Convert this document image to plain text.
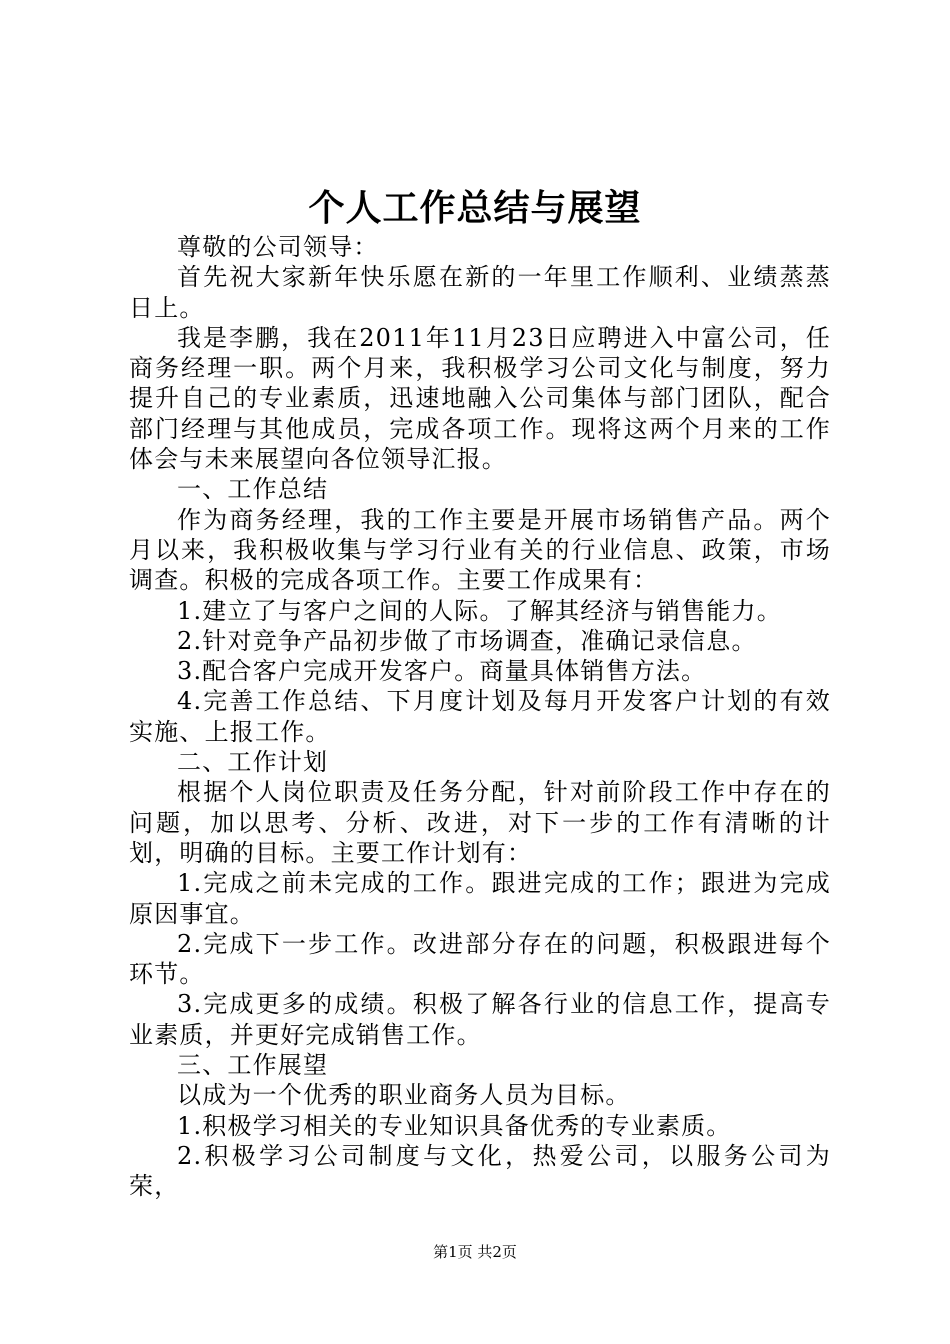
个人工作总结与展望

尊敬的公司领导：

首先祝大家新年快乐愿在新的一年里工作顺利、业绩蒸蒸日上。

我是李鹏，我在2011年11月23日应聘进入中富公司，任商务经理一职。两个月来，我积极学习公司文化与制度，努力提升自己的专业素质，迅速地融入公司集体与部门团队，配合部门经理与其他成员，完成各项工作。现将这两个月来的工作体会与未来展望向各位领导汇报。

一、工作总结

作为商务经理，我的工作主要是开展市场销售产品。两个月以来，我积极收集与学习行业有关的行业信息、政策，市场调查。积极的完成各项工作。主要工作成果有：

1.建立了与客户之间的人际。了解其经济与销售能力。

2.针对竞争产品初步做了市场调查，准确记录信息。

3.配合客户完成开发客户。商量具体销售方法。

4.完善工作总结、下月度计划及每月开发客户计划的有效实施、上报工作。

二、工作计划

根据个人岗位职责及任务分配，针对前阶段工作中存在的问题，加以思考、分析、改进，对下一步的工作有清晰的计划，明确的目标。主要工作计划有：

1.完成之前未完成的工作。跟进完成的工作；跟进为完成原因事宜。

2.完成下一步工作。改进部分存在的问题，积极跟进每个环节。

3.完成更多的成绩。积极了解各行业的信息工作，提高专业素质，并更好完成销售工作。

三、工作展望

以成为一个优秀的职业商务人员为目标。

1.积极学习相关的专业知识具备优秀的专业素质。

2.积极学习公司制度与文化，热爱公司，以服务公司为荣，

第1页 共2页
